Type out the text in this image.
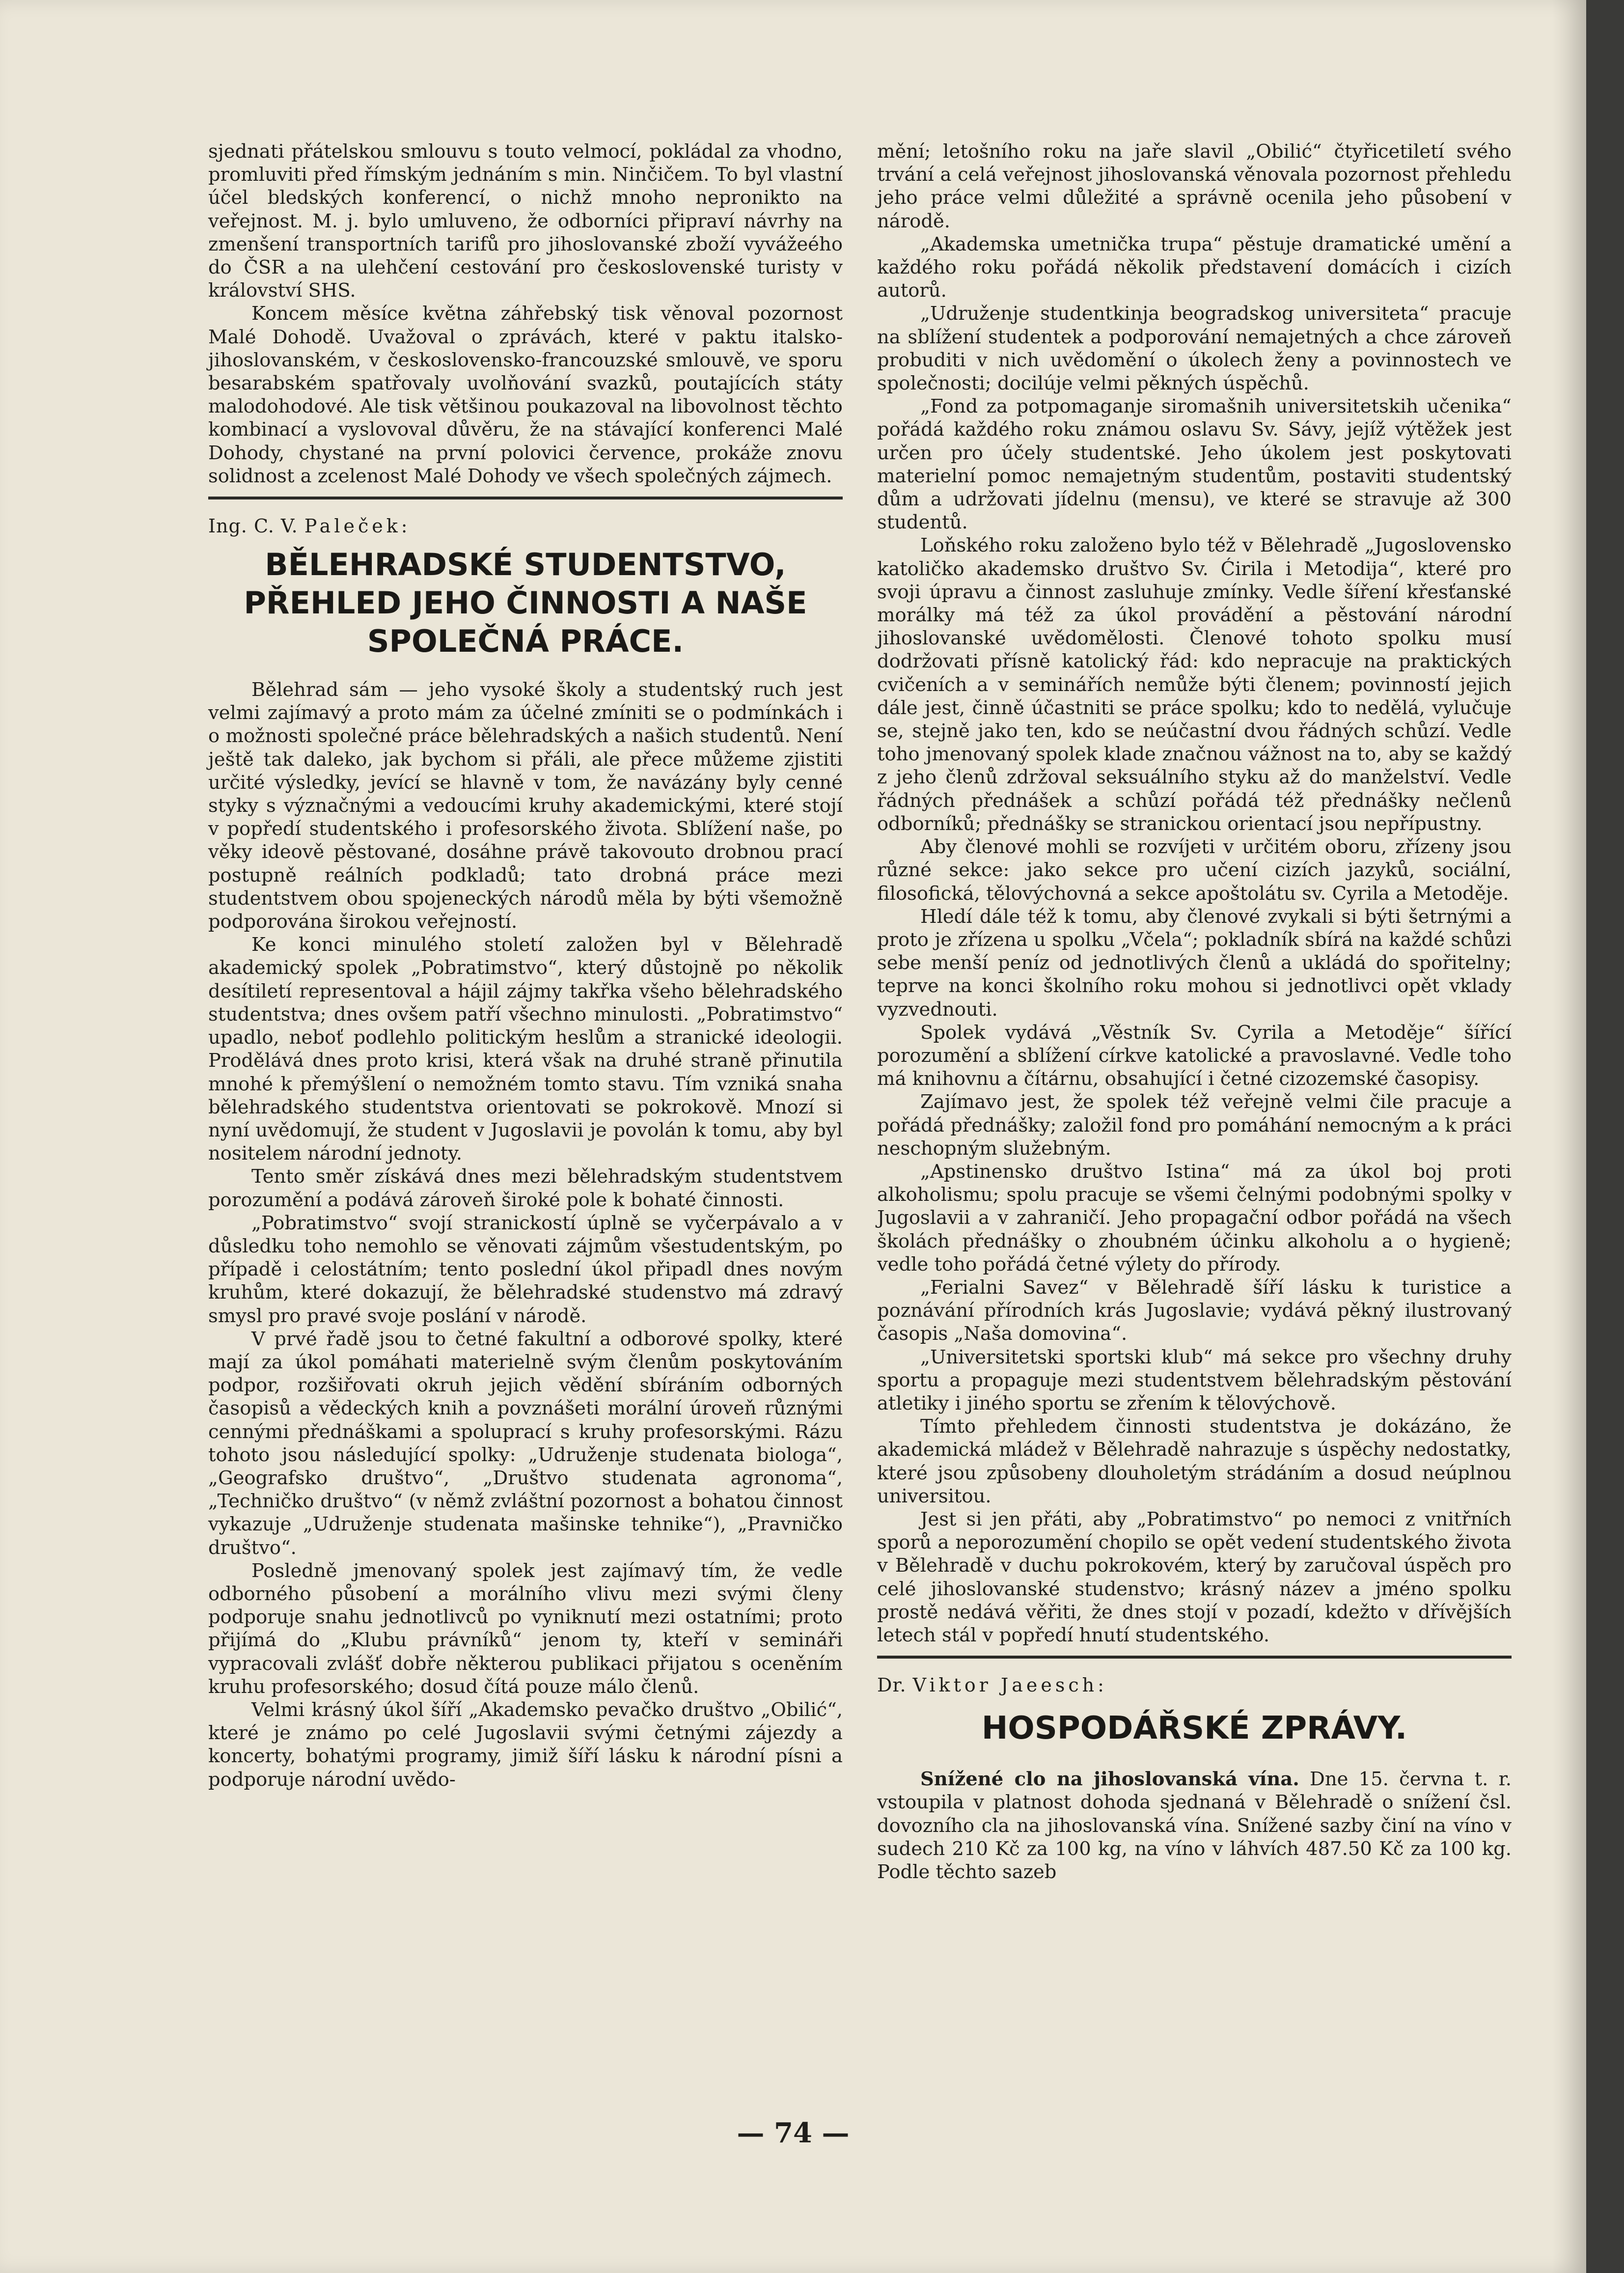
sjednati přátelskou smlouvu s touto velmocí, pokládal za vhodno, promluviti před římským jednáním s min. Ninčičem. To byl vlastní účel bledských konferencí, o nichž mnoho nepronikto na veřejnost. M. j. bylo umluveno, že odborníci připraví návrhy na zmenšení transportních tarifů pro jihoslovanské zboží vyvážeého do ČSR a na ulehčení cestování pro československé turisty v království SHS.

Koncem měsíce května záhřebský tisk věnoval pozornost Malé Dohodě. Uvažoval o zprávách, které v paktu italsko-jihoslovanském, v československo-francouzské smlouvě, ve sporu besarabském spatřovaly uvolňování svazků, poutajících státy malodohodové. Ale tisk většinou poukazoval na libovolnost těchto kombinací a vyslovoval důvěru, že na stávající konferenci Malé Dohody, chystané na první polovici července, prokáže znovu solidnost a zcelenost Malé Dohody ve všech společných zájmech.

Ing. C. V. Paleček:
BĚLEHRADSKÉ STUDENTSTVO,
PŘEHLED JEHO ČINNOSTI A NAŠE
SPOLEČNÁ PRÁCE.

Bělehrad sám — jeho vysoké školy a studentský ruch jest velmi zajímavý a proto mám za účelné zmíniti se o podmínkách i o možnosti společné práce bělehradských a našich studentů. Není ještě tak daleko, jak bychom si přáli, ale přece můžeme zjistiti určité výsledky, jevící se hlavně v tom, že navázány byly cenné styky s význačnými a vedoucími kruhy akademickými, které stojí v popředí studentského i profesorského života. Sblížení naše, po věky ideově pěstované, dosáhne právě takovouto drobnou prací postupně reálních podkladů; tato drobná práce mezi studentstvem obou spojeneckých národů měla by býti všemožně podporována širokou veřejností.

Ke konci minulého století založen byl v Bělehradě akademický spolek „Pobratimstvo“, který důstojně po několik desítiletí representoval a hájil zájmy takřka všeho bělehradského studentstva; dnes ovšem patří všechno minulosti. „Pobratimstvo“ upadlo, neboť podlehlo politickým heslům a stranické ideologii. Prodělává dnes proto krisi, která však na druhé straně přinutila mnohé k přemýšlení o nemožném tomto stavu. Tím vzniká snaha bělehradského studentstva orientovati se pokrokově. Mnozí si nyní uvědomují, že student v Jugoslavii je povolán k tomu, aby byl nositelem národní jednoty.

Tento směr získává dnes mezi bělehradským studentstvem porozumění a podává zároveň široké pole k bohaté činnosti.

„Pobratimstvo“ svojí stranickostí úplně se vyčerpávalo a v důsledku toho nemohlo se věnovati zájmům všestudentským, po případě i celostátním; tento poslední úkol připadl dnes novým kruhům, které dokazují, že bělehradské studenstvo má zdravý smysl pro pravé svoje poslání v národě.

V prvé řadě jsou to četné fakultní a odborové spolky, které mají za úkol pomáhati materielně svým členům poskytováním podpor, rozšiřovati okruh jejich vědění sbíráním odborných časopisů a vědeckých knih a povznášeti morální úroveň různými cennými přednáškami a spoluprací s kruhy profesorskými. Rázu tohoto jsou následující spolky: „Udruženje studenata biologa“, „Geografsko društvo“, „Društvo studenata agronoma“, „Techničko društvo“ (v němž zvláštní pozornost a bohatou činnost vykazuje „Udruženje studenata mašinske tehnike“), „Pravničko društvo“.

Posledně jmenovaný spolek jest zajímavý tím, že vedle odborného působení a morálního vlivu mezi svými členy podporuje snahu jednotlivců po vyniknutí mezi ostatními; proto přijímá do „Klubu právníků“ jenom ty, kteří v semináři vypracovali zvlášť dobře některou publikaci přijatou s oceněním kruhu profesorského; dosud čítá pouze málo členů.

Velmi krásný úkol šíří „Akademsko pevačko društvo „Obilić“, které je známo po celé Jugoslavii svými četnými zájezdy a koncerty, bohatými programy, jimiž šíří lásku k národní písni a podporuje národní uvědo-

mění; letošního roku na jaře slavil „Obilić“ čtyřicetiletí svého trvání a celá veřejnost jihoslovanská věnovala pozornost přehledu jeho práce velmi důležité a správně ocenila jeho působení v národě.

„Akademska umetnička trupa“ pěstuje dramatické umění a každého roku pořádá několik představení domácích i cizích autorů.

„Udruženje studentkinja beogradskog universiteta“ pracuje na sblížení studentek a podporování nemajetných a chce zároveň probuditi v nich uvědomění o úkolech ženy a povinnostech ve společnosti; docilúje velmi pěkných úspěchů.

„Fond za potpomaganje siromašnih universitetskih učenika“ pořádá každého roku známou oslavu Sv. Sávy, jejíž výtěžek jest určen pro účely studentské. Jeho úkolem jest poskytovati materielní pomoc nemajetným studentům, postaviti studentský dům a udržovati jídelnu (mensu), ve které se stravuje až 300 studentů.

Loňského roku založeno bylo též v Bělehradě „Jugoslovensko katoličko akademsko društvo Sv. Ćirila i Metodija“, které pro svoji úpravu a činnost zasluhuje zmínky. Vedle šíření křesťanské morálky má též za úkol provádění a pěstování národní jihoslovanské uvědomělosti. Členové tohoto spolku musí dodržovati přísně katolický řád: kdo nepracuje na praktických cvičeních a v seminářích nemůže býti členem; povinností jejich dále jest, činně účastniti se práce spolku; kdo to nedělá, vylučuje se, stejně jako ten, kdo se neúčastní dvou řádných schůzí. Vedle toho jmenovaný spolek klade značnou vážnost na to, aby se každý z jeho členů zdržoval seksuálního styku až do manželství. Vedle řádných přednášek a schůzí pořádá též přednášky nečlenů odborníků; přednášky se stranickou orientací jsou nepřípustny.

Aby členové mohli se rozvíjeti v určitém oboru, zřízeny jsou různé sekce: jako sekce pro učení cizích jazyků, sociální, filosofická, tělovýchovná a sekce apoštolátu sv. Cyrila a Metoděje.

Hledí dále též k tomu, aby členové zvykali si býti šetrnými a proto je zřízena u spolku „Včela“; pokladník sbírá na každé schůzi sebe menší peníz od jednotlivých členů a ukládá do spořitelny; teprve na konci školního roku mohou si jednotlivci opět vklady vyzvednouti.

Spolek vydává „Věstník Sv. Cyrila a Metoděje“ šířící porozumění a sblížení církve katolické a pravoslavné. Vedle toho má knihovnu a čítárnu, obsahující i četné cizozemské časopisy.

Zajímavo jest, že spolek též veřejně velmi čile pracuje a pořádá přednášky; založil fond pro pomáhání nemocným a k práci neschopným služebným.

„Apstinensko društvo Istina“ má za úkol boj proti alkoholismu; spolu pracuje se všemi čelnými podobnými spolky v Jugoslavii a v zahraničí. Jeho propagační odbor pořádá na všech školách přednášky o zhoubném účinku alkoholu a o hygieně; vedle toho pořádá četné výlety do přírody.

„Ferialni Savez“ v Bělehradě šíří lásku k turistice a poznávání přírodních krás Jugoslavie; vydává pěkný ilustrovaný časopis „Naša domovina“.

„Universitetski sportski klub“ má sekce pro všechny druhy sportu a propaguje mezi studentstvem bělehradským pěstování atletiky i jiného sportu se zřením k tělovýchově.

Tímto přehledem činnosti studentstva je dokázáno, že akademická mládež v Bělehradě nahrazuje s úspěchy nedostatky, které jsou způsobeny dlouholetým strádáním a dosud neúplnou universitou.

Jest si jen přáti, aby „Pobratimstvo“ po nemoci z vnitřních sporů a neporozumění chopilo se opět vedení studentského života v Bělehradě v duchu pokrokovém, který by zaručoval úspěch pro celé jihoslovanské studenstvo; krásný název a jméno spolku prostě nedává věřiti, že dnes stojí v pozadí, kdežto v dřívějších letech stál v popředí hnutí studentského.

Dr. Viktor Jaeesch:
HOSPODÁŘSKÉ ZPRÁVY.

Snížené clo na jihoslovanská vína. Dne 15. června t. r. vstoupila v platnost dohoda sjednaná v Bělehradě o snížení čsl. dovozního cla na jihoslovanská vína. Snížené sazby činí na víno v sudech 210 Kč za 100 kg, na víno v láhvích 487.50 Kč za 100 kg. Podle těchto sazeb

— 74 —
